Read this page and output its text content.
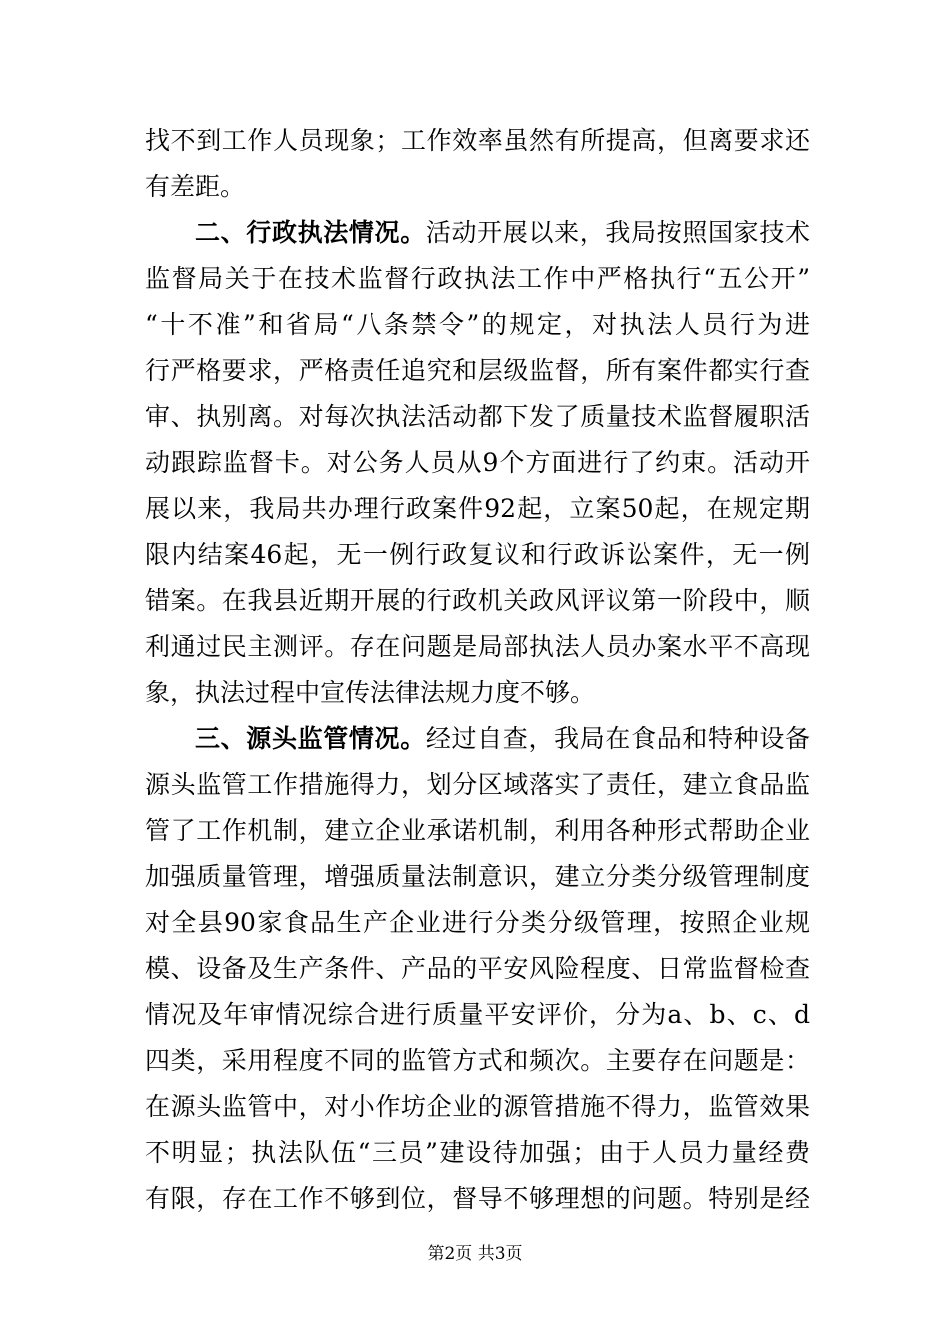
找不到工作人员现象；工作效率虽然有所提高，但离要求还
有差距。
二、行政执法情况。活动开展以来，我局按照国家技术
监督局关于在技术监督行政执法工作中严格执行“五公开”
“十不准”和省局“八条禁令”的规定，对执法人员行为进
行严格要求，严格责任追究和层级监督，所有案件都实行查
审、执别离。对每次执法活动都下发了质量技术监督履职活
动跟踪监督卡。对公务人员从9个方面进行了约束。活动开
展以来，我局共办理行政案件92起，立案50起，在规定期
限内结案46起，无一例行政复议和行政诉讼案件，无一例
错案。在我县近期开展的行政机关政风评议第一阶段中，顺
利通过民主测评。存在问题是局部执法人员办案水平不高现
象，执法过程中宣传法律法规力度不够。
三、源头监管情况。经过自查，我局在食品和特种设备
源头监管工作措施得力，划分区域落实了责任，建立食品监
管了工作机制，建立企业承诺机制，利用各种形式帮助企业
加强质量管理，增强质量法制意识，建立分类分级管理制度
对全县90家食品生产企业进行分类分级管理，按照企业规
模、设备及生产条件、产品的平安风险程度、日常监督检查
情况及年审情况综合进行质量平安评价，分为a、b、c、d
四类，采用程度不同的监管方式和频次。主要存在问题是：
在源头监管中，对小作坊企业的源管措施不得力，监管效果
不明显；执法队伍“三员”建设待加强；由于人员力量经费
有限，存在工作不够到位，督导不够理想的问题。特别是经
第2页 共3页
